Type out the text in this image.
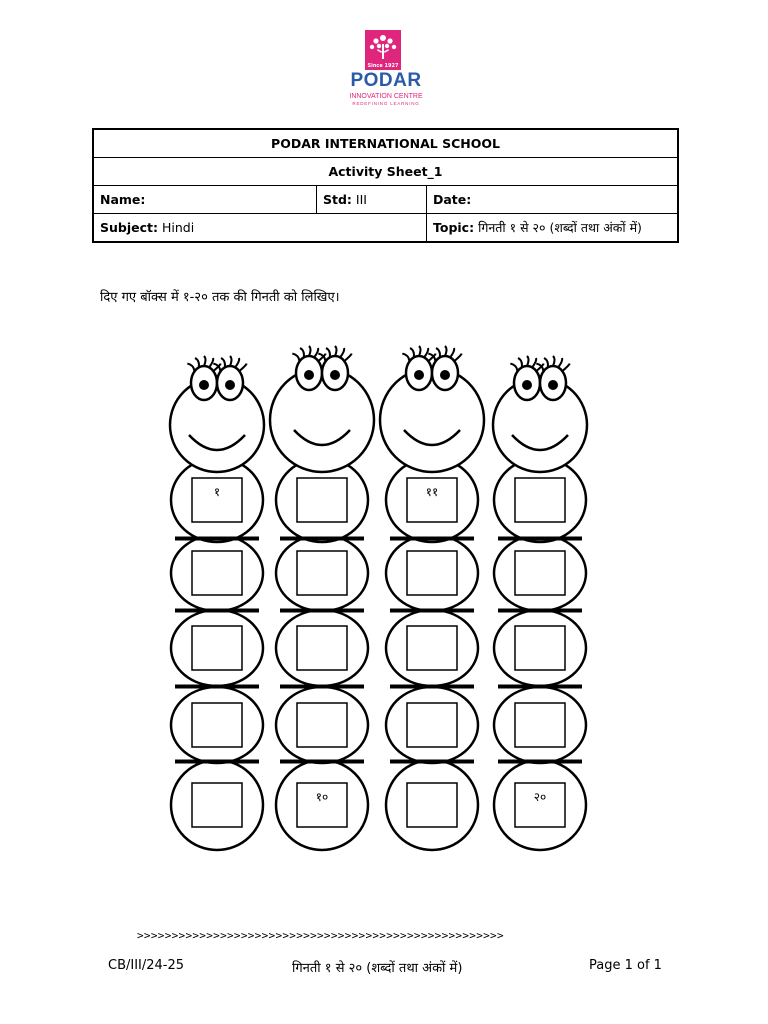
Since 1927
PODAR
INNOVATION CENTRE
REDEFINING LEARNING
PODAR INTERNATIONAL SCHOOL		
Activity Sheet_1		
Name:	Std: III	Date:
Subject: Hindi		Topic: गिनती १ से २० (शब्दों तथा अंकों में)
दिए गए बॉक्स में १-२० तक की गिनती को लिखिए।
१
१०
११
२०
>>>>>>>>>>>>>>>>>>>>>>>>>>>>>>>>>>>>>>>>>>>>>>>>>>>>>
CB/III/24-25	गिनती १ से २० (शब्दों तथा अंकों में)	Page 1 of 1
